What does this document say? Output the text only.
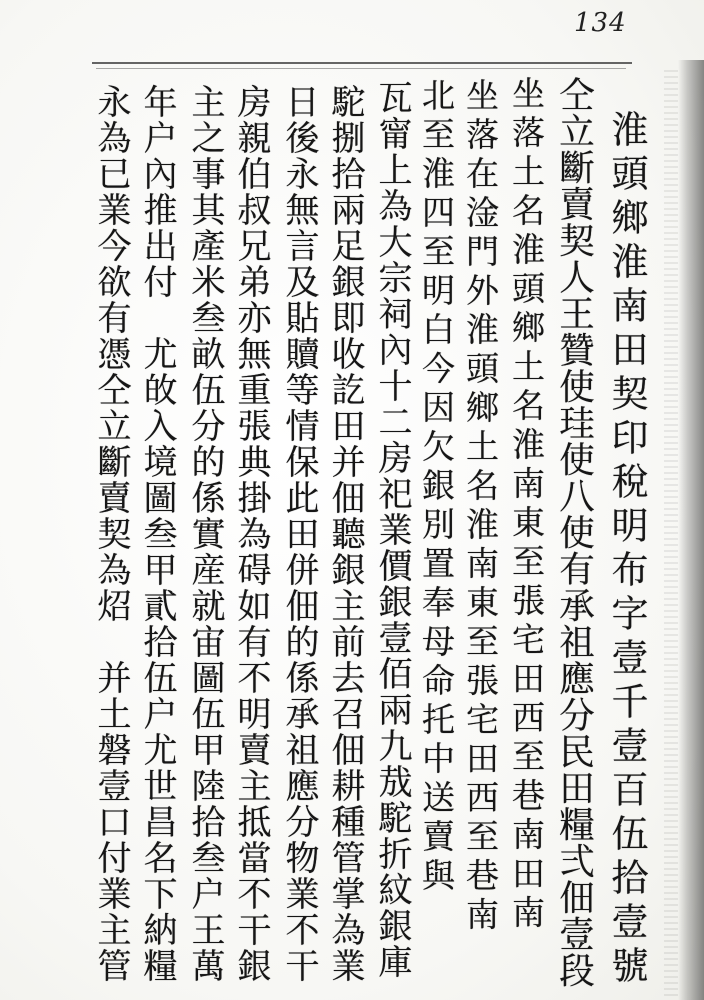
134
淮頭鄉淮南田契印稅明布字壹千壹百伍拾壹號
仝立斷賣契人王贊使珪使八使有承祖應分民田糧弍佃壹段
坐落土名淮頭鄉土名淮南東至張宅田西至巷南田南
坐落在淦門外淮頭鄉土名淮南東至張宅田西至巷南
北至淮四至明白今因欠銀別置奉母命托中送賣與
瓦甯上為大宗祠內十二房祀業價銀壹佰兩九㦲駝折紋銀庫
駝捌拾兩足銀即收訖田并佃聽銀主前去召佃耕種管掌為業
日後永無言及貼贖等情保此田併佃的係承祖應分物業不干
房親伯叔兄弟亦無重張典掛為碍如有不明賣主抵當不干銀
主之事其產米叁畝伍分的係實産就宙圖伍甲陸拾叁户王萬
年户內推出付　尤敀入境圖叁甲貳拾伍户尤世昌名下納糧
永為已業今欲有憑仝立斷賣契為炤　并土磐壹口付業主管
